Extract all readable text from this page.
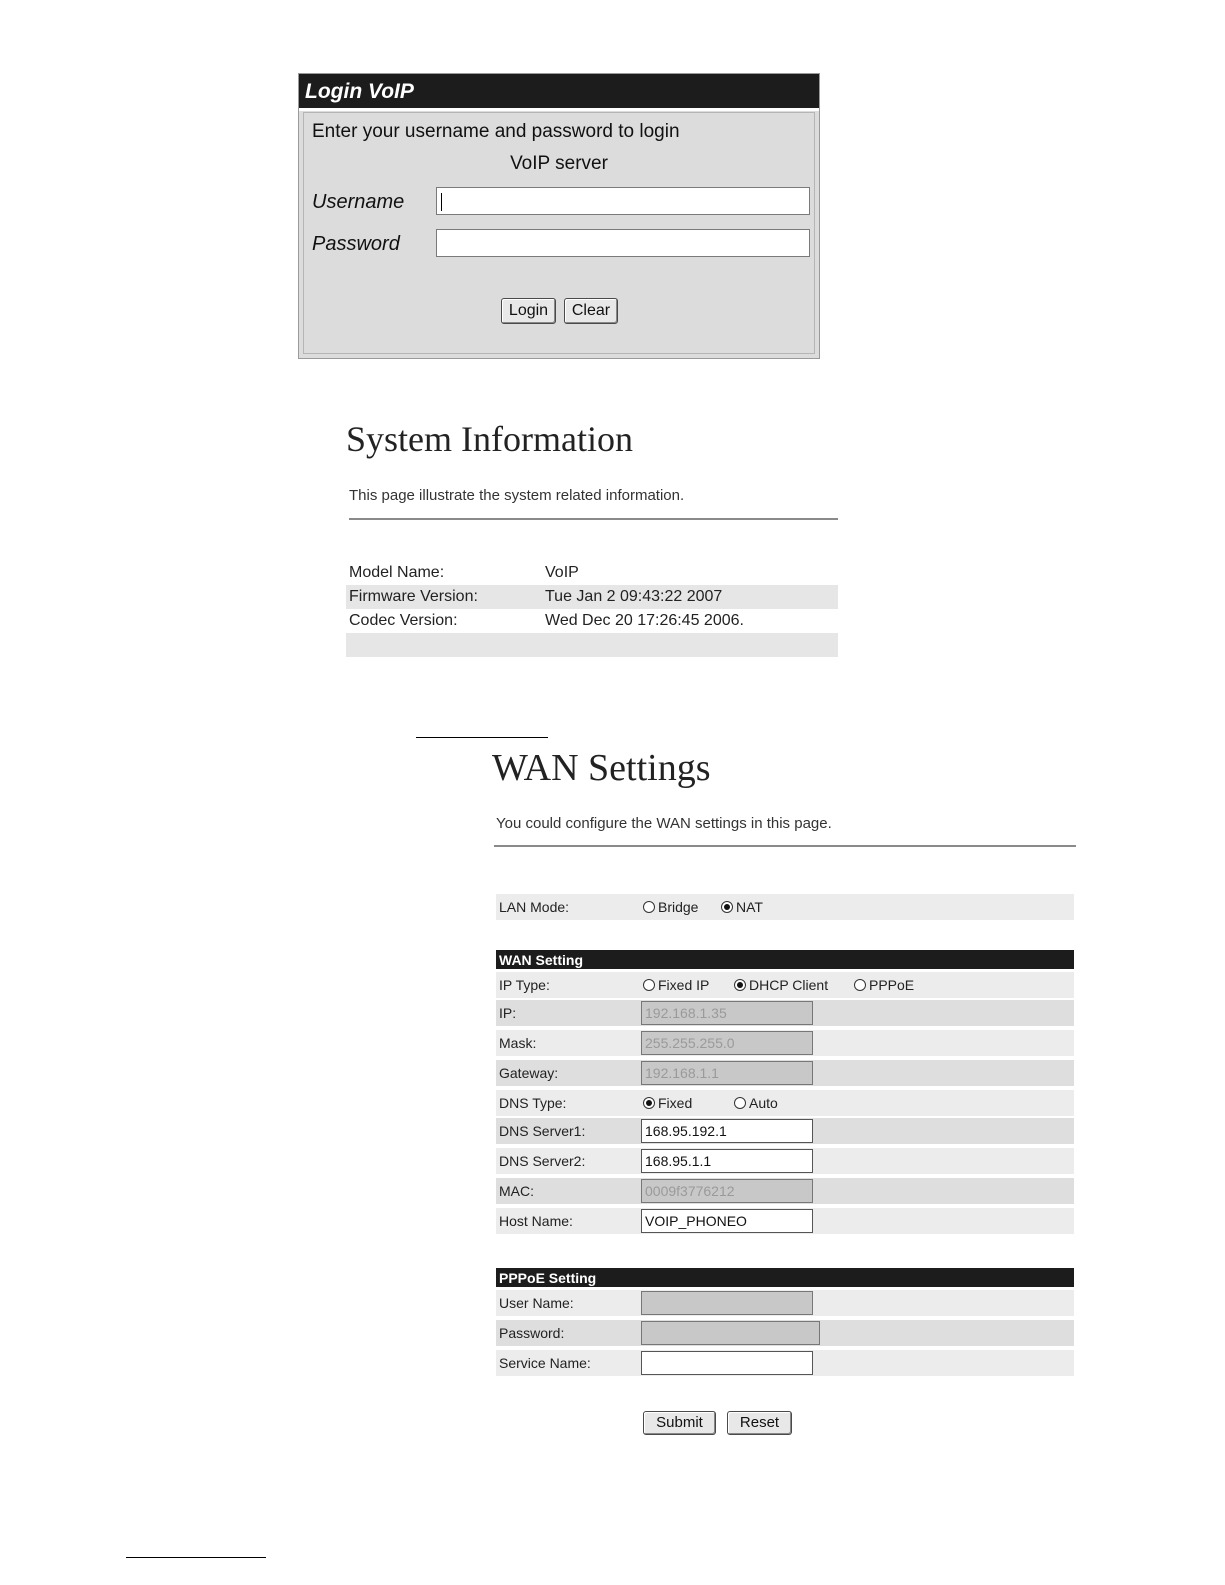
Login VoIP
Enter your username and password to login
VoIP server
Username
Password
Login	Clear
System Information
This page illustrate the system related information.
Model Name:	VoIP
Firmware Version:	Tue Jan 2 09:43:22 2007
Codec Version:	Wed Dec 20 17:26:45 2006.

WAN Settings
You could configure the WAN settings in this page.
LAN Mode:	Bridge	NAT
WAN Setting
IP Type:	Fixed IP	DHCP Client	PPPoE
IP:	192.168.1.35
Mask:	255.255.255.0
Gateway:	192.168.1.1
DNS Type:	Fixed	Auto
DNS Server1:	168.95.192.1
DNS Server2:	168.95.1.1
MAC:	0009f3776212
Host Name:	VOIP_PHONEO
PPPoE Setting
User Name:
Password:
Service Name:
Submit	Reset
